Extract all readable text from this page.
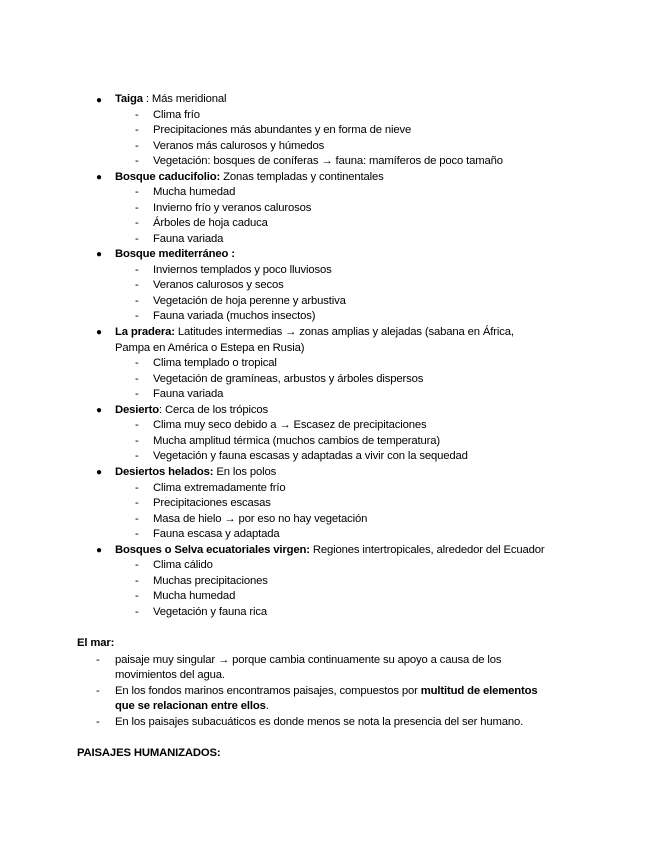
● Taiga : Más meridional
- Clima frío
- Precipitaciones más abundantes y en forma de nieve
- Veranos más calurosos y húmedos
- Vegetación: bosques de coníferas → fauna: mamíferos de poco tamaño
● Bosque caducifolio: Zonas templadas y continentales
- Mucha humedad
- Invierno frío y veranos calurosos
- Árboles de hoja caduca
- Fauna variada
● Bosque mediterráneo :
- Inviernos templados y poco lluviosos
- Veranos calurosos y secos
- Vegetación de hoja perenne y arbustiva
- Fauna variada (muchos insectos)
● La pradera: Latitudes intermedias → zonas amplias y alejadas (sabana en África,
Pampa en América o Estepa en Rusia)
- Clima templado o tropical
- Vegetación de gramíneas, arbustos y árboles dispersos
- Fauna variada
● Desierto: Cerca de los trópicos
- Clima muy seco debido a → Escasez de precipitaciones
- Mucha amplitud térmica (muchos cambios de temperatura)
- Vegetación y fauna escasas y adaptadas a vivir con la sequedad
● Desiertos helados: En los polos
- Clima extremadamente frío
- Precipitaciones escasas
- Masa de hielo → por eso no hay vegetación
- Fauna escasa y adaptada
● Bosques o Selva ecuatoriales virgen: Regiones intertropicales, alrededor del Ecuador
- Clima cálido
- Muchas precipitaciones
- Mucha humedad
- Vegetación y fauna rica
El mar:
- paisaje muy singular → porque cambia continuamente su apoyo a causa de los
movimientos del agua.
- En los fondos marinos encontramos paisajes, compuestos por multitud de elementos
que se relacionan entre ellos.
- En los paisajes subacuáticos es donde menos se nota la presencia del ser humano.
PAISAJES HUMANIZADOS:
